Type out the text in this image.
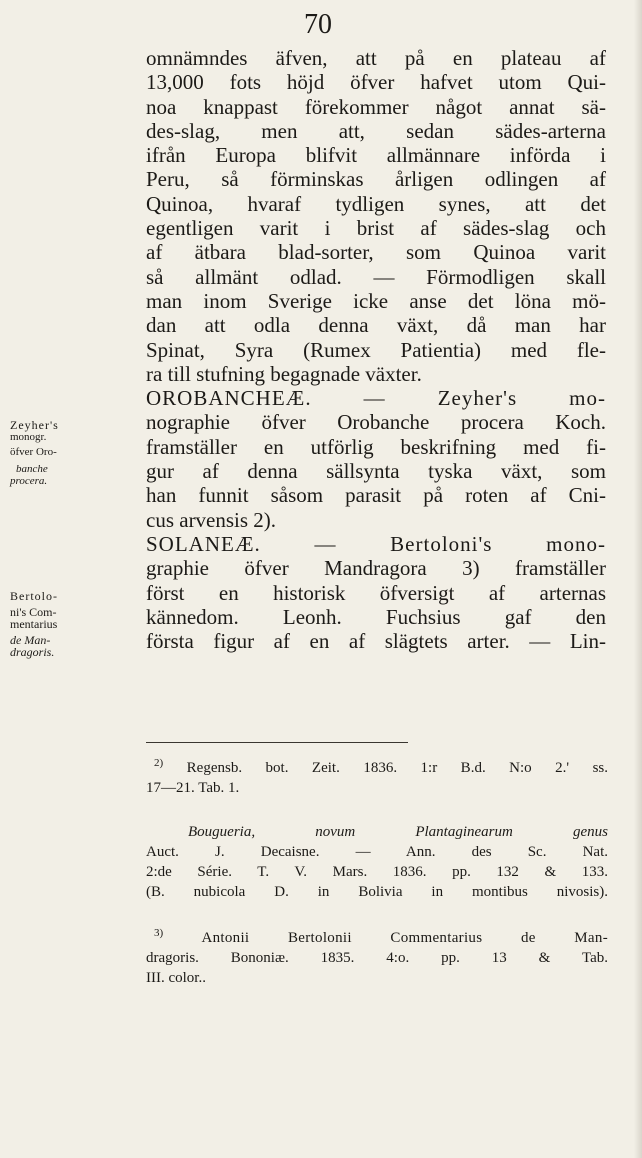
70
Zeyher's
monogr.
öfver Oro-
banche
procera.
Bertolo-
ni's Com-
mentarius
de Man-
dragoris.
omnämndes äfven, att på en plateau af
13,000 fots höjd öfver hafvet utom Qui-
noa knappast förekommer något annat sä-
des-slag, men att, sedan sädes-arterna
ifrån Europa blifvit allmännare införda i
Peru, så förminskas årligen odlingen af
Quinoa, hvaraf tydligen synes, att det
egentligen varit i brist af sädes-slag och
af ätbara blad-sorter, som Quinoa varit
så allmänt odlad. — Förmodligen skall
man inom Sverige icke anse det löna mö-
dan att odla denna växt, då man har
Spinat, Syra (Rumex Patientia) med fle-
ra till stufning begagnade växter.
OROBANCHEÆ. — Zeyher's mo-
nographie öfver Orobanche procera Koch.
framställer en utförlig beskrifning med fi-
gur af denna sällsynta tyska växt, som
han funnit såsom parasit på roten af Cni-
cus arvensis 2).
SOLANEÆ. — Bertoloni's mono-
graphie öfver Mandragora 3) framställer
först en historisk öfversigt af arternas
kännedom. Leonh. Fuchsius gaf den
första figur af en af slägtets arter. — Lin-
$^{2)}$ Regensb. bot. Zeit. 1836. 1:r B.d. N:o 2.' ss.
17—21. Tab. 1.
Bougueria, novum Plantaginearum genus
Auct. J. Decaisne. — Ann. des Sc. Nat.
2:de Série. T. V. Mars. 1836. pp. 132 & 133.
(B. nubicola D. in Bolivia in montibus nivosis).
$^{3)}$	Antonii Bertolonii Commentarius de Man-
dragoris. Bononiæ. 1835. 4:o. pp. 13 & Tab.
III. color..
